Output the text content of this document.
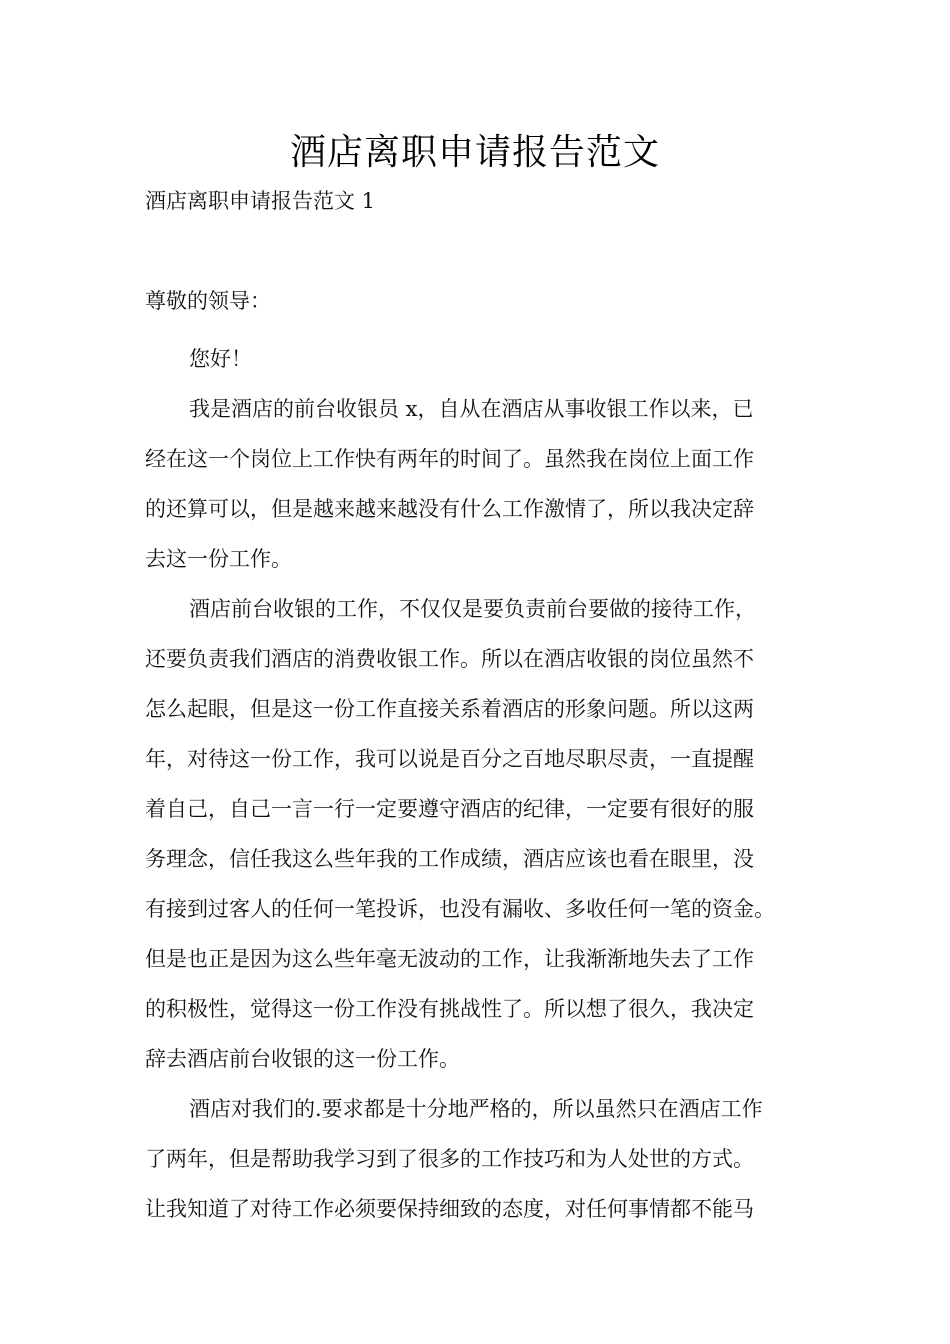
酒店离职申请报告范文
酒店离职申请报告范文 1
尊敬的领导：
您好！
我是酒店的前台收银员 x，自从在酒店从事收银工作以来，已
经在这一个岗位上工作快有两年的时间了。虽然我在岗位上面工作
的还算可以，但是越来越来越没有什么工作激情了，所以我决定辞
去这一份工作。
酒店前台收银的工作，不仅仅是要负责前台要做的接待工作，
还要负责我们酒店的消费收银工作。所以在酒店收银的岗位虽然不
怎么起眼，但是这一份工作直接关系着酒店的形象问题。所以这两
年，对待这一份工作，我可以说是百分之百地尽职尽责，一直提醒
着自己，自己一言一行一定要遵守酒店的纪律，一定要有很好的服
务理念，信任我这么些年我的工作成绩，酒店应该也看在眼里，没
有接到过客人的任何一笔投诉，也没有漏收、多收任何一笔的资金。
但是也正是因为这么些年毫无波动的工作，让我渐渐地失去了工作
的积极性，觉得这一份工作没有挑战性了。所以想了很久，我决定
辞去酒店前台收银的这一份工作。
酒店对我们的.要求都是十分地严格的，所以虽然只在酒店工作
了两年，但是帮助我学习到了很多的工作技巧和为人处世的方式。
让我知道了对待工作必须要保持细致的态度，对任何事情都不能马
